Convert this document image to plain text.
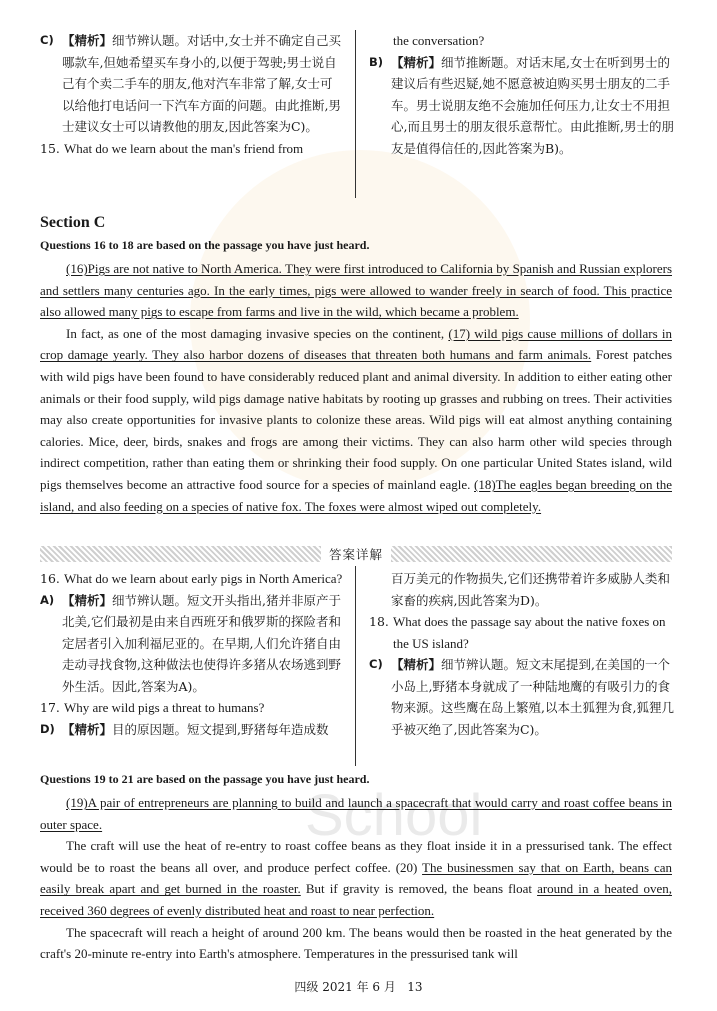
School
C) 【精析】细节辨认题。对话中,女士并不确定自己买哪款车,但她希望买车身小的,以便于驾驶;男士说自己有个卖二手车的朋友,他对汽车非常了解,女士可以给他打电话问一下汽车方面的问题。由此推断,男士建议女士可以请教他的朋友,因此答案为C)。
15. What do we learn about the man's friend from
the conversation?
B) 【精析】细节推断题。对话末尾,女士在听到男士的建议后有些迟疑,她不愿意被迫购买男士朋友的二手车。男士说朋友绝不会施加任何压力,让女士不用担心,而且男士的朋友很乐意帮忙。由此推断,男士的朋友是值得信任的,因此答案为B)。
Section C
Questions 16 to 18 are based on the passage you have just heard.

(16)Pigs are not native to North America. They were first introduced to California by Spanish and Russian explorers and settlers many centuries ago. In the early times, pigs were allowed to wander freely in search of food. This practice also allowed many pigs to escape from farms and live in the wild, which became a problem.

In fact, as one of the most damaging invasive species on the continent, (17) wild pigs cause millions of dollars in crop damage yearly. They also harbor dozens of diseases that threaten both humans and farm animals. Forest patches with wild pigs have been found to have considerably reduced plant and animal diversity. In addition to either eating other animals or their food supply, wild pigs damage native habitats by rooting up grasses and rubbing on trees. Their activities may also create opportunities for invasive plants to colonize these areas. Wild pigs will eat almost anything containing calories. Mice, deer, birds, snakes and frogs are among their victims. They can also harm other wild species through indirect competition, rather than eating them or shrinking their food supply. On one particular United States island, wild pigs themselves become an attractive food source for a species of mainland eagle. (18)The eagles began breeding on the island, and also feeding on a species of native fox. The foxes were almost wiped out completely.

答案详解
16. What do we learn about early pigs in North America?
A) 【精析】细节辨认题。短文开头指出,猪并非原产于北美,它们最初是由来自西班牙和俄罗斯的探险者和定居者引入加利福尼亚的。在早期,人们允许猪自由走动寻找食物,这种做法也使得许多猪从农场逃到野外生活。因此,答案为A)。
17. Why are wild pigs a threat to humans?
D) 【精析】目的原因题。短文提到,野猪每年造成数
百万美元的作物损失,它们还携带着许多威胁人类和家畜的疾病,因此答案为D)。
18. What does the passage say about the native foxes on the US island?
C) 【精析】细节辨认题。短文末尾提到,在美国的一个小岛上,野猪本身就成了一种陆地鹰的有吸引力的食物来源。这些鹰在岛上繁殖,以本土狐狸为食,狐狸几乎被灭绝了,因此答案为C)。
Questions 19 to 21 are based on the passage you have just heard.

(19)A pair of entrepreneurs are planning to build and launch a spacecraft that would carry and roast coffee beans in outer space.

The craft will use the heat of re-entry to roast coffee beans as they float inside it in a pressurised tank. The effect would be to roast the beans all over, and produce perfect coffee. (20) The businessmen say that on Earth, beans can easily break apart and get burned in the roaster. But if gravity is removed, the beans float around in a heated oven, received 360 degrees of evenly distributed heat and roast to near perfection.

The spacecraft will reach a height of around 200 km. The beans would then be roasted in the heat generated by the craft's 20-minute re-entry into Earth's atmosphere. Temperatures in the pressurised tank will

四级 2021 年 6 月 13
